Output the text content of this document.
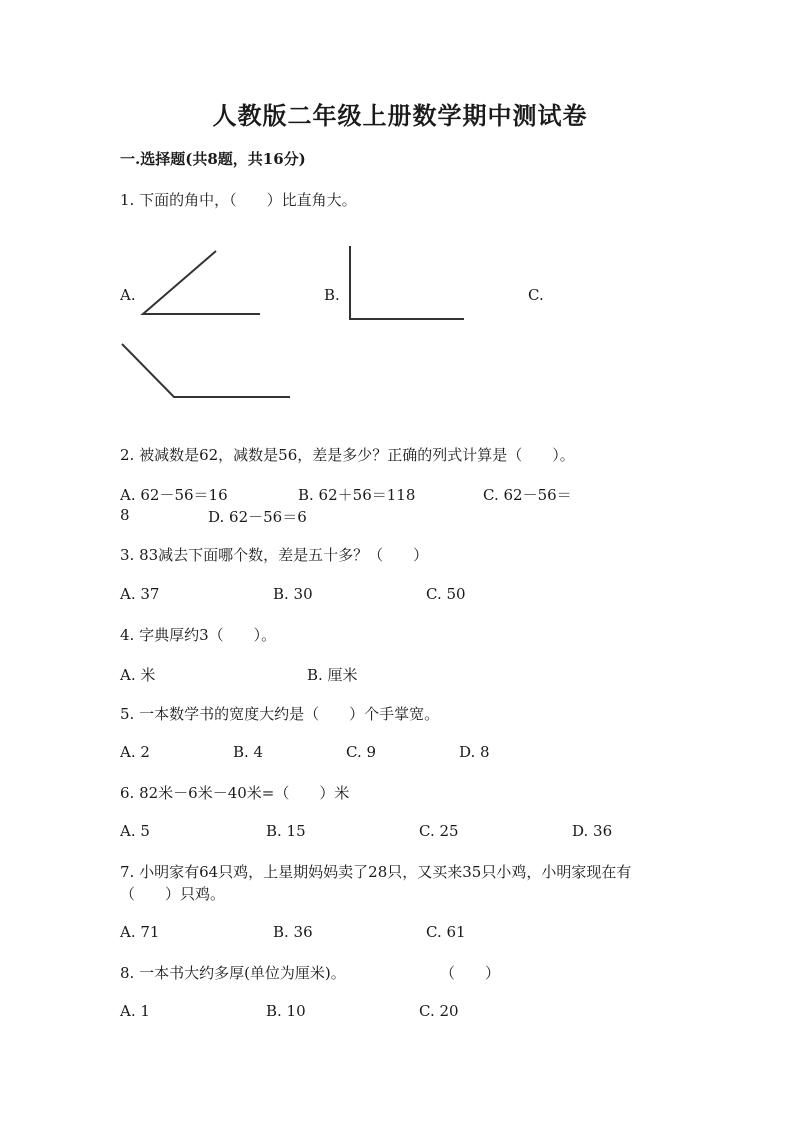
人教版二年级上册数学期中测试卷
一.选择题(共8题，共16分)
1. 下面的角中，（　　）比直角大。
A.	B.	C.
2. 被减数是62，减数是56，差是多少？正确的列式计算是（　　）。
A. 62－56＝16	B. 62＋56＝118	C. 62－56＝
8	D. 62－56＝6
3. 83减去下面哪个数，差是五十多？（　　）
A. 37	B. 30	C. 50
4. 字典厚约3（　　）。
A. 米	B. 厘米
5. 一本数学书的宽度大约是（　　）个手掌宽。
A. 2	B. 4	C. 9	D. 8
6. 82米－6米－40米=（　　）米
A. 5	B. 15	C. 25	D. 36
7. 小明家有64只鸡，上星期妈妈卖了28只，又买来35只小鸡，小明家现在有
（　　）只鸡。
A. 71	B. 36	C. 61
8. 一本书大约多厚(单位为厘米)。	（　　）
A. 1	B. 10	C. 20
